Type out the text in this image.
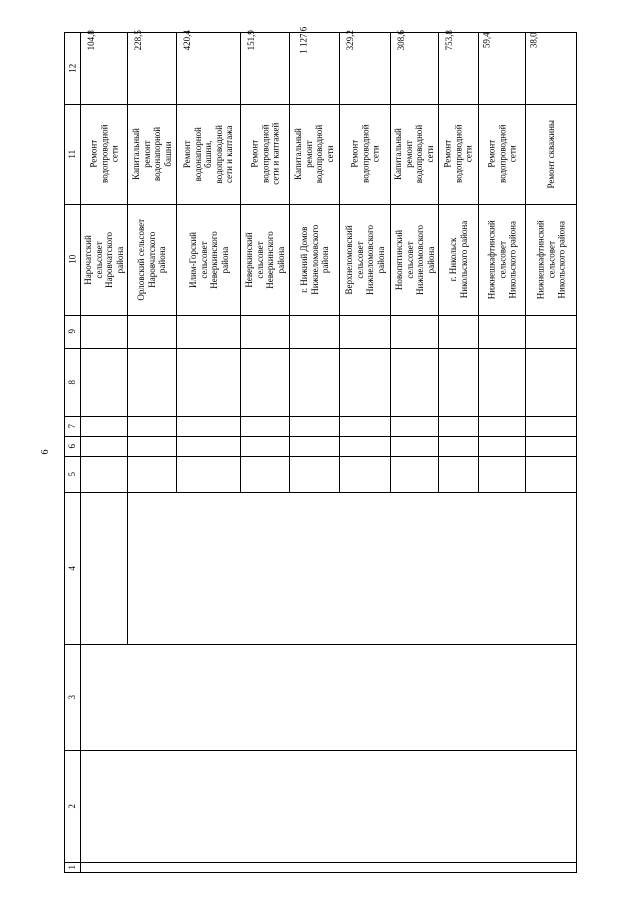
6
1
2
3
4
5
6
7
8
9
10
11
12
Нарочатский
сельсовет
Наровчатского
района
Ремонт
водопроводной
сети
104,8
Орловский сельсовет
Наровчатского
района
Капитальный
ремонт
водонапорной
башни
228,5
Илим-Горский
сельсовет
Неверкинского
района
Ремонт
водонапорной
башни,
водопроводной
сети и каптажа
420,4
Неверкинский
сельсовет
Неверкинского
района
Ремонт
водопроводной
сети и каптажей
151,9
г. Нижний Домов
Нижнеломовского
района
Капитальный
ремонт
водопроводной
сети
1 127,6
Верхнеломовский
сельсовет
Нижнеломовского
района
Ремонт
водопроводной
сети
329,2
Новопятинский
сельсовет
Нижнеломовского
района
Капитальный
ремонт
водопроводной
сети
308,6
г. Никольск
Никольского района
Ремонт
водопроводной
сети
753,8
Нижнешкафтинский
сельсовет
Никольского района
Ремонт
водопроводной
сети
59,4
Нижнешкафтинский
сельсовет
Никольского района
Ремонт скважины
38,0
